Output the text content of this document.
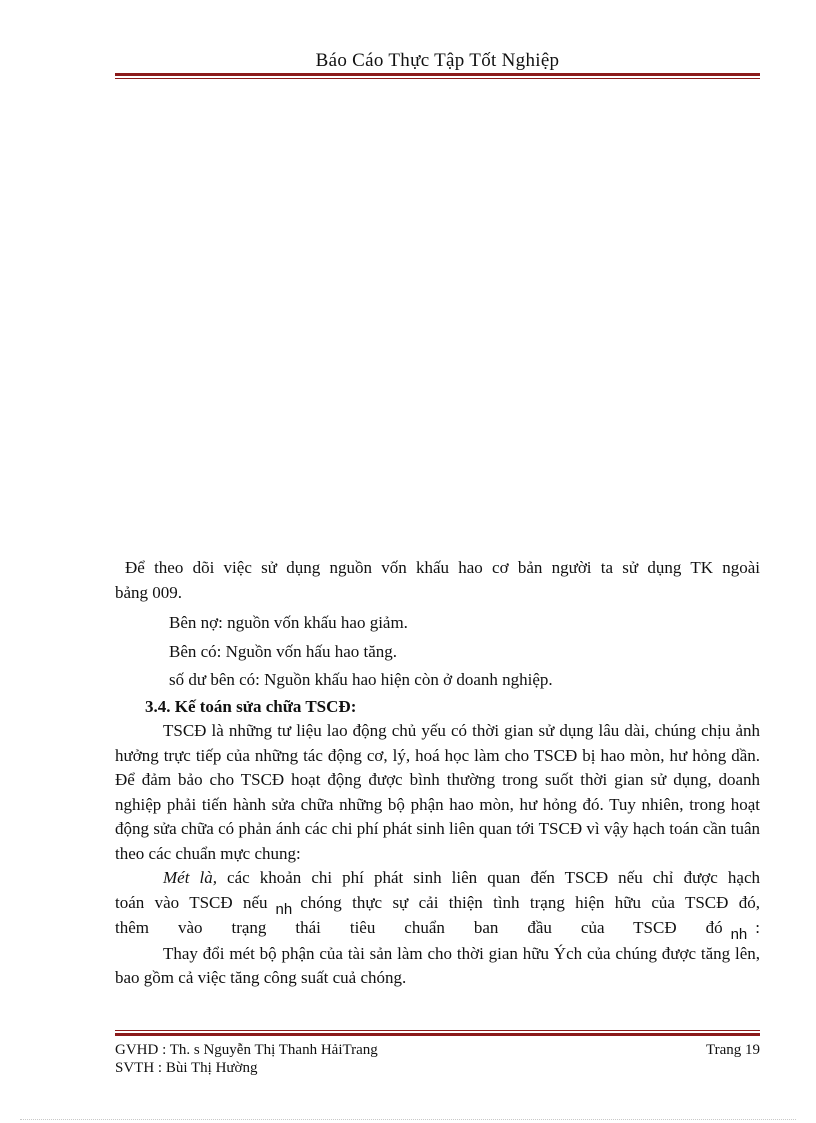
Báo Cáo Thực Tập Tốt Nghiệp

Để theo dõi việc sử dụng nguồn vốn khấu hao cơ bản người ta sử dụng TK ngoài

bảng 009.

Bên nợ: nguồn vốn khấu hao giảm.

Bên có: Nguồn vốn hấu hao tăng.

số dư bên có: Nguồn khấu hao hiện còn ở doanh nghiệp.

3.4. Kế toán sửa chữa TSCĐ:

TSCĐ là những tư liệu lao động chủ yếu có thời gian sử dụng lâu dài, chúng chịu ảnh hưởng trực tiếp của những tác động cơ, lý, hoá học làm cho TSCĐ bị hao mòn, hư hỏng dần. Để đảm bảo cho TSCĐ hoạt động được bình thường trong suốt thời gian sử dụng, doanh nghiệp phải tiến hành sửa chữa những bộ phận hao mòn, hư hỏng đó. Tuy nhiên, trong hoạt động sửa chữa có phản ánh các chi phí phát sinh liên quan tới TSCĐ vì vậy hạch toán cần tuân theo các chuẩn mực chung:

Mét là, các khoản chi phí phát sinh liên quan đến TSCĐ nếu chỉ được hạch

toán vào TSCĐ nếu nh chóng thực sự cải thiện tình trạng hiện hữu của TSCĐ đó,

thêm vào trạng thái tiêu chuẩn ban đầu của TSCĐ đó nh :

Thay đổi mét bộ phận của tài sản làm cho thời gian hữu Ých của chúng được tăng lên, bao gồm cả việc tăng công suất cuả chóng.

GVHD : Th. s Nguyễn Thị Thanh HảiTrang	Trang 19
SVTH : Bùi Thị Hường
